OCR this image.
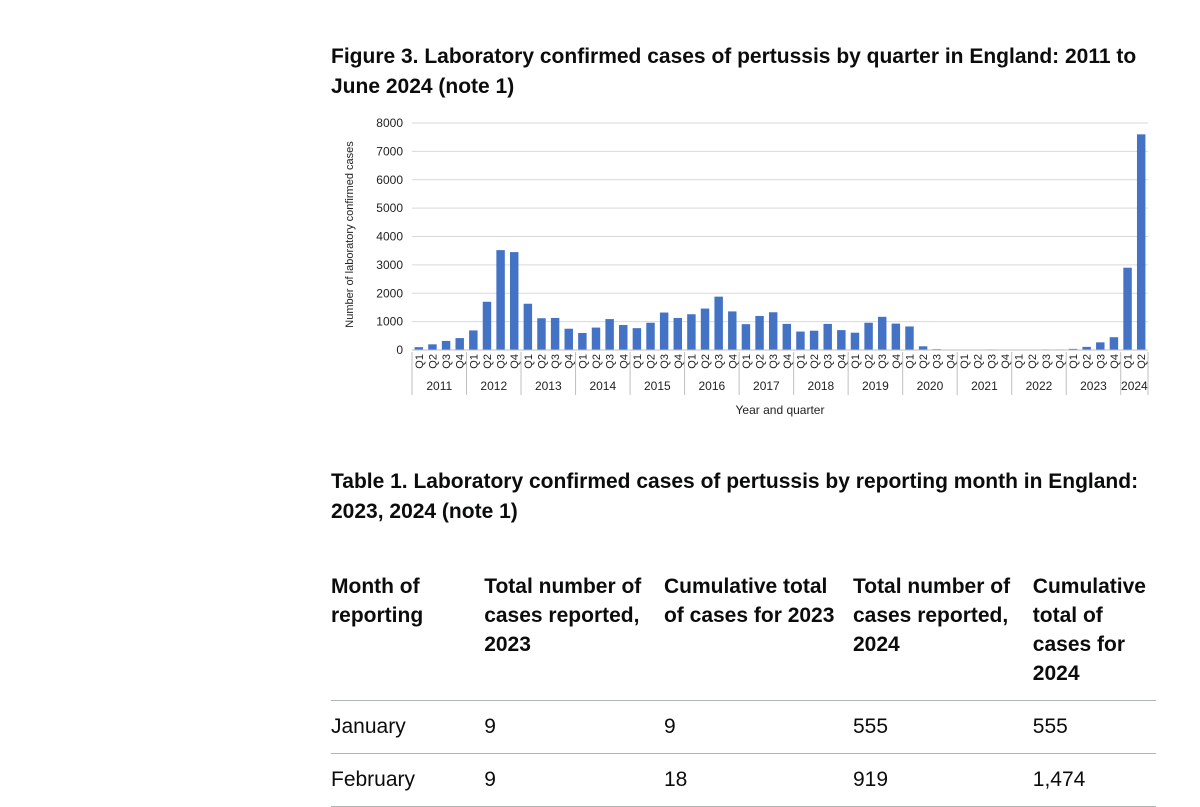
Figure 3. Laboratory confirmed cases of pertussis by quarter in England: 2011 to June 2024 (note 1)
0
1000
2000
3000
4000
5000
6000
7000
8000
Q1 Q2 Q3 Q4 Q1 Q2 Q3 Q4 Q1 Q2 Q3 Q4 Q1 Q2 Q3 Q4 Q1 Q2 Q3 Q4 Q1 Q2 Q3 Q4 Q1 Q2 Q3 Q4 Q1 Q2 Q3 Q4 Q1 Q2 Q3 Q4 Q1 Q2 Q3 Q4 Q1 Q2 Q3 Q4 Q1 Q2 Q3 Q4 Q1 Q2 Q3 Q4 Q1 Q2
2011 2012 2013 2014 2015 2016 2017 2018 2019 2020 2021 2022 2023 2024
Year and quarter
Number of laboratory confirmed cases
Table 1. Laboratory confirmed cases of pertussis by reporting month in England: 2023, 2024 (note 1)
Month of reporting	Total number of cases reported, 2023	Cumulative total of cases for 2023	Total number of cases reported, 2024	Cumulative total of cases for 2024
January	9	9	555	555
February	9	18	919	1,474
